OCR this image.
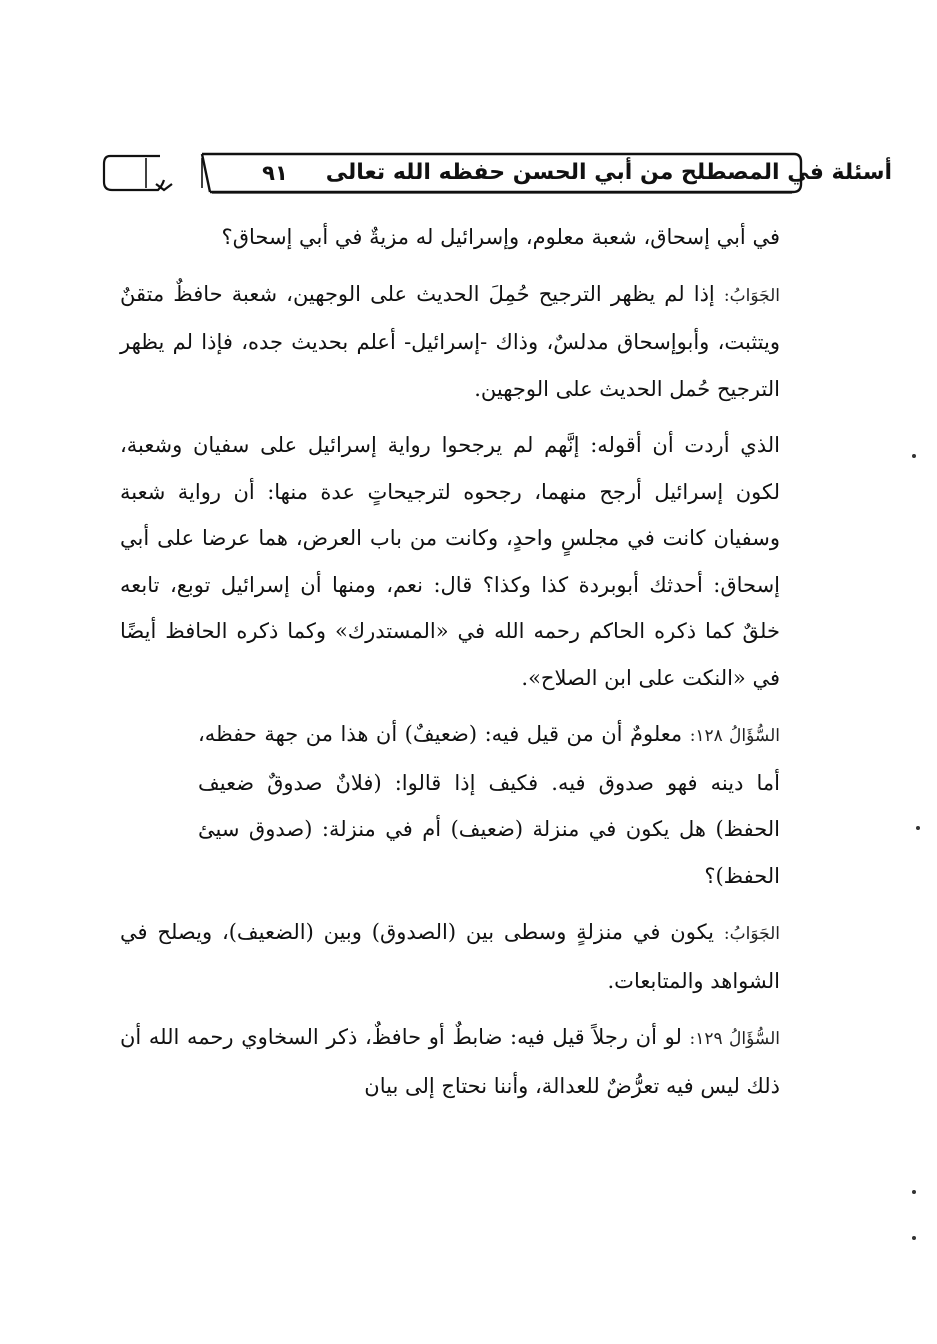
٩١	أسئلة في المصطلح من أبي الحسن حفظه الله تعالى

في أبي إسحاق، شعبة معلوم، وإسرائيل له مزيةٌ في أبي إسحاق؟

الجَوَابُ: إذا لم يظهر الترجيح حُمِلَ الحديث على الوجهين، شعبة حافظٌ متقنٌ ويتثبت، وأبوإسحاق مدلسٌ، وذاك -إسرائيل- أعلم بحديث جده، فإذا لم يظهر الترجيح حُمل الحديث على الوجهين.

الذي أردت أن أقوله: إنَّهم لم يرجحوا رواية إسرائيل على سفيان وشعبة، لكون إسرائيل أرجح منهما، رجحوه لترجيحاتٍ عدة منها: أن رواية شعبة وسفيان كانت في مجلسٍ واحدٍ، وكانت من باب العرض، هما عرضا على أبي إسحاق: أحدثك أبوبردة كذا وكذا؟ قال: نعم، ومنها أن إسرائيل توبع، تابعه خلقٌ كما ذكره الحاكم رحمه الله في «المستدرك» وكما ذكره الحافظ أيضًا في «النكت على ابن الصلاح».

السُّؤَالُ ١٢٨: معلومٌ أن من قيل فيه: (ضعيفٌ) أن هذا من جهة حفظه، أما دينه فهو صدوق فيه. فكيف إذا قالوا: (فلانٌ صدوقٌ ضعيف الحفظ) هل يكون في منزلة (ضعيف) أم في منزلة: (صدوق سيئ الحفظ)؟

الجَوَابُ: يكون في منزلةٍ وسطى بين (الصدوق) وبين (الضعيف)، ويصلح في الشواهد والمتابعات.

السُّؤَالُ ١٢٩: لو أن رجلاً قيل فيه: ضابطٌ أو حافظٌ، ذكر السخاوي رحمه الله أن ذلك ليس فيه تعرُّضٌ للعدالة، وأننا نحتاج إلى بيان
